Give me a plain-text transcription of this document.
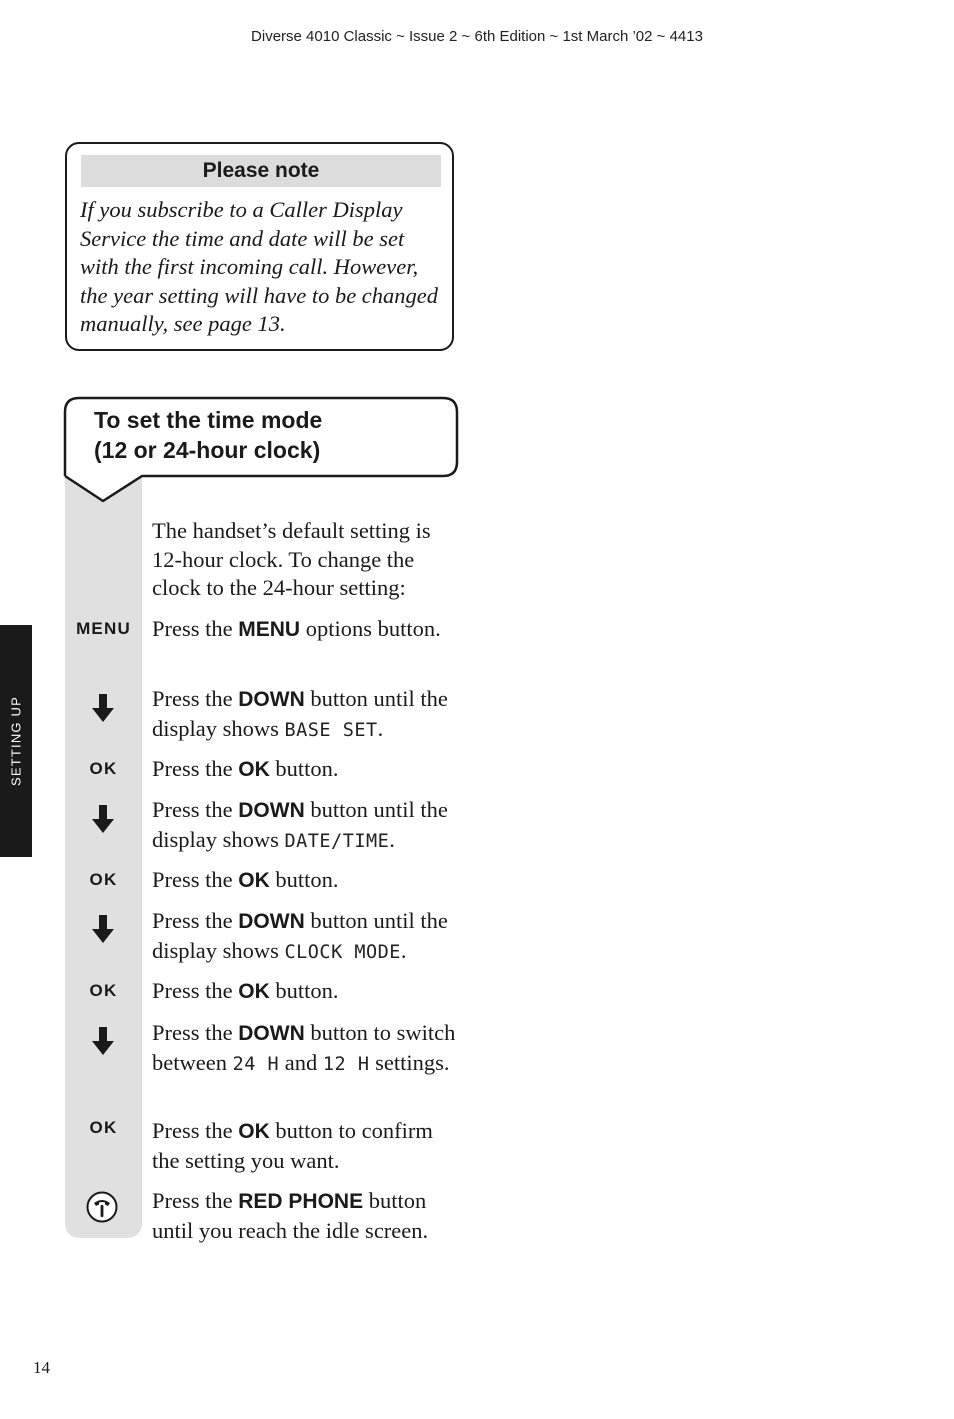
Diverse 4010 Classic ~ Issue 2 ~ 6th Edition ~ 1st March ’02 ~ 4413
Please note
If you subscribe to a Caller Display Service the time and date will be set with the first incoming call. However, the year setting will have to be changed manually, see page 13.
To set the time mode
(12 or 24-hour clock)
SETTING UP
The handset’s default setting is 12-hour clock. To change the clock to the 24-hour setting:
MENU
OK
OK
OK
OK
Press the MENU options button.
Press the DOWN button until the display shows BASE SET.
Press the OK button.
Press the DOWN button until the display shows DATE/TIME.
Press the OK button.
Press the DOWN button until the display shows CLOCK MODE.
Press the OK button.
Press the DOWN button to switch between 24 H and 12 H settings.
Press the OK button to confirm the setting you want.
Press the RED PHONE button until you reach the idle screen.
14
